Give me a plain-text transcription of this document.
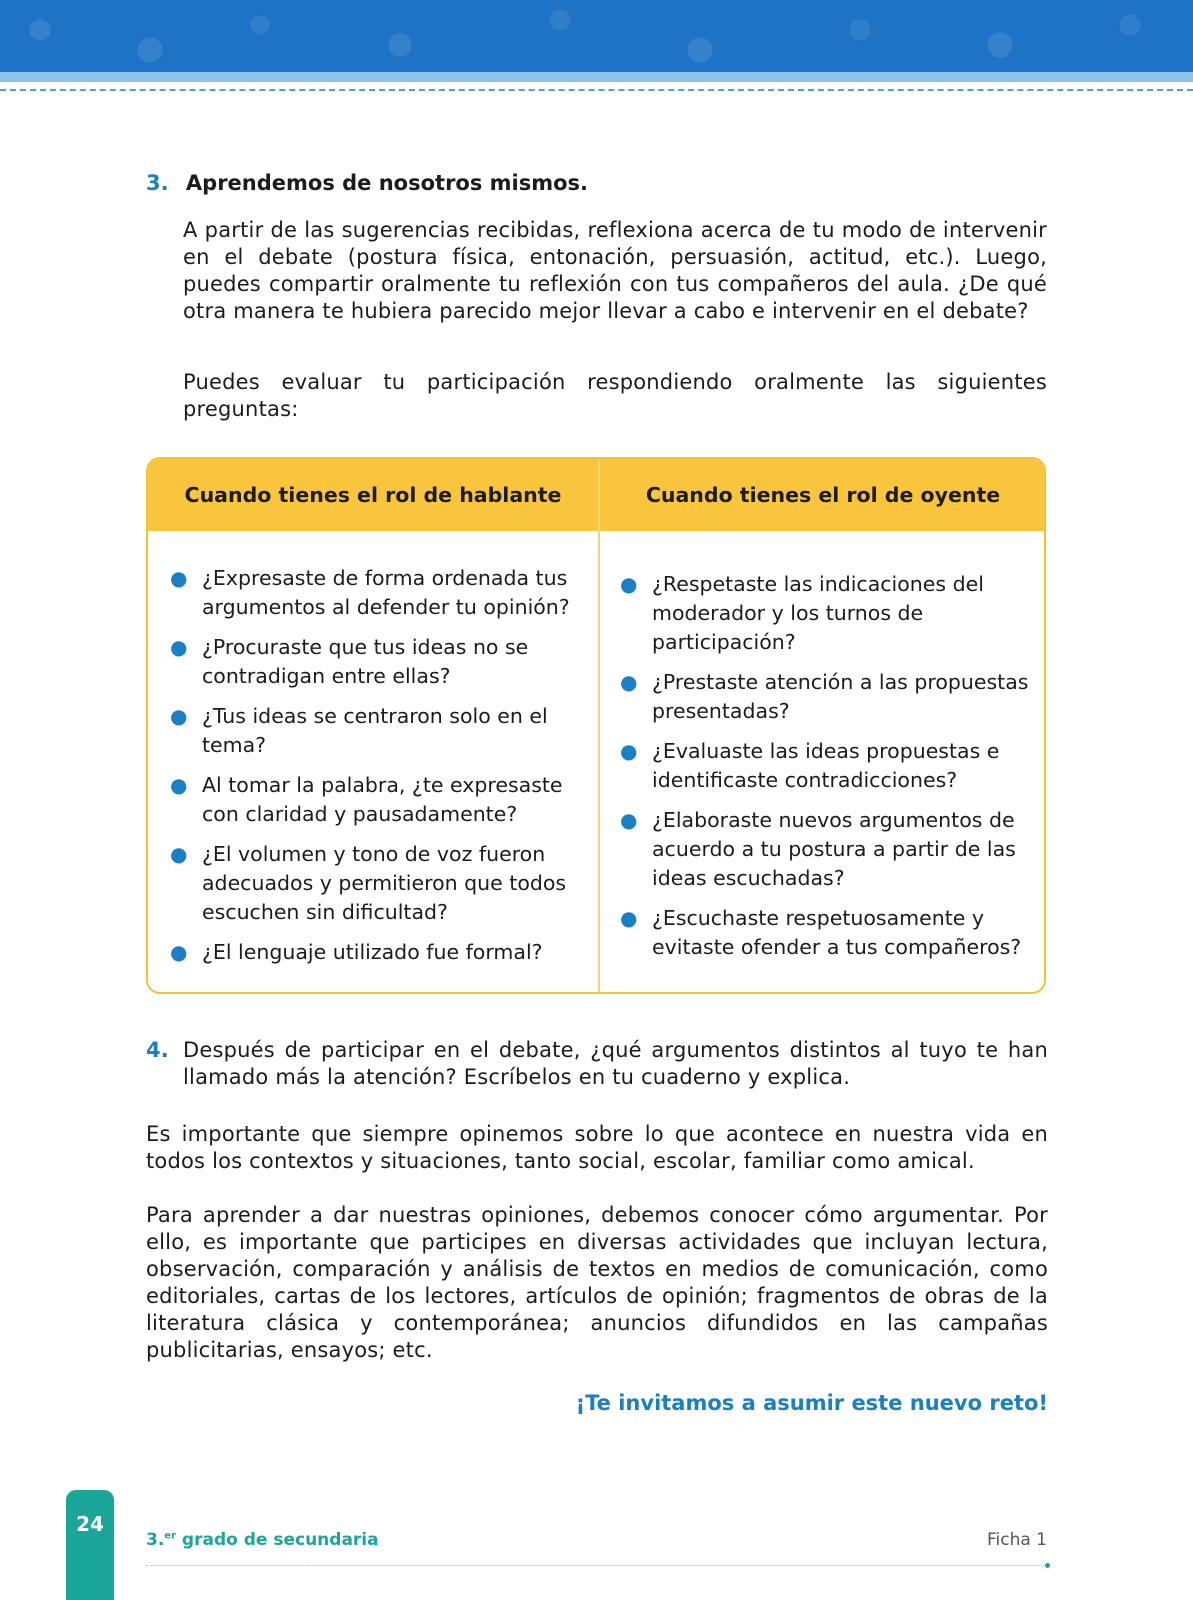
3. Aprendemos de nosotros mismos.
A partir de las sugerencias recibidas, reflexiona acerca de tu modo de intervenir en el debate (postura física, entonación, persuasión, actitud, etc.). Luego, puedes compartir oralmente tu reflexión con tus compañeros del aula. ¿De qué otra manera te hubiera parecido mejor llevar a cabo e intervenir en el debate?
Puedes evaluar tu participación respondiendo oralmente las siguientes preguntas:
Cuando tienes el rol de hablante	Cuando tienes el rol de oyente
● ¿Expresaste de forma ordenada tus argumentos al defender tu opinión?
● ¿Procuraste que tus ideas no se contradigan entre ellas?
● ¿Tus ideas se centraron solo en el tema?
● Al tomar la palabra, ¿te expresaste con claridad y pausadamente?
● ¿El volumen y tono de voz fueron adecuados y permitieron que todos escuchen sin dificultad?
● ¿El lenguaje utilizado fue formal?
● ¿Respetaste las indicaciones del moderador y los turnos de participación?
● ¿Prestaste atención a las propuestas presentadas?
● ¿Evaluaste las ideas propuestas e identificaste contradicciones?
● ¿Elaboraste nuevos argumentos de acuerdo a tu postura a partir de las ideas escuchadas?
● ¿Escuchaste respetuosamente y evitaste ofender a tus compañeros?
4. Después de participar en el debate, ¿qué argumentos distintos al tuyo te han llamado más la atención? Escríbelos en tu cuaderno y explica.
Es importante que siempre opinemos sobre lo que acontece en nuestra vida en todos los contextos y situaciones, tanto social, escolar, familiar como amical.
Para aprender a dar nuestras opiniones, debemos conocer cómo argumentar. Por ello, es importante que participes en diversas actividades que incluyan lectura, observación, comparación y análisis de textos en medios de comunicación, como editoriales, cartas de los lectores, artículos de opinión; fragmentos de obras de la literatura clásica y contemporánea; anuncios difundidos en las campañas publicitarias, ensayos; etc.
¡Te invitamos a asumir este nuevo reto!
24
3.$^{er}$ grado de secundaria	Ficha 1
